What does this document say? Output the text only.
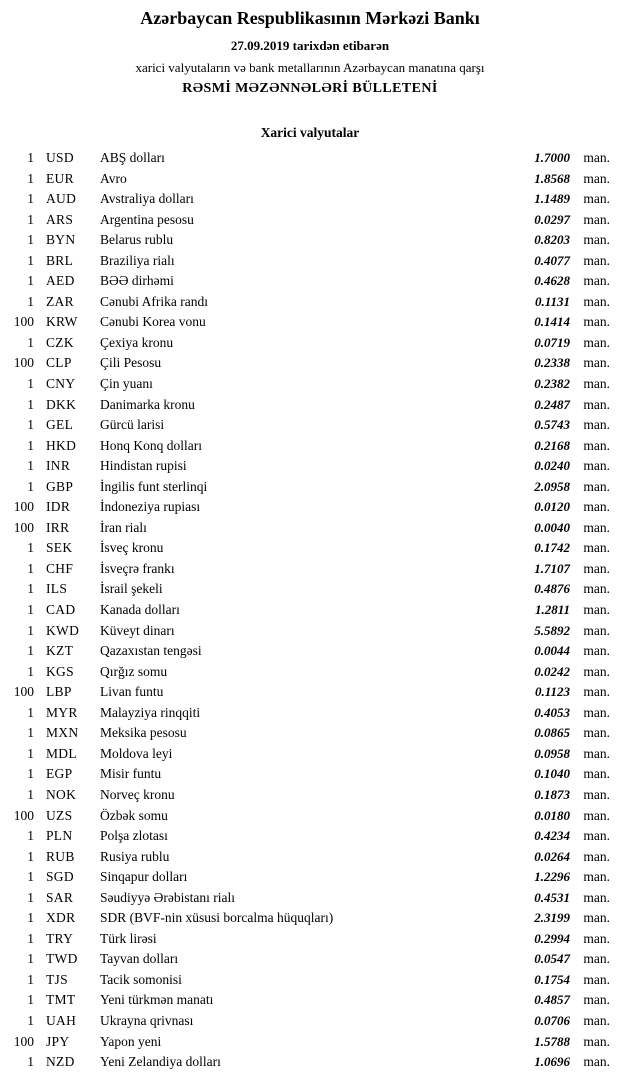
Azərbaycan Respublikasının Mərkəzi Bankı
27.09.2019 tarixdən etibarən
xarici valyutaların və bank metallarının Azərbaycan manatına qarşı
RƏSMİ MƏZƏNNƏLƏRİ BÜLLETENİ
Xarici valyutalar
1 USD	ABŞ dolları	1.7000 man.
1 EUR	Avro	1.8568 man.
1 AUD	Avstraliya dolları	1.1489 man.
1 ARS	Argentina pesosu	0.0297 man.
1 BYN	Belarus rublu	0.8203 man.
1 BRL	Braziliya rialı	0.4077 man.
1 AED	BƏƏ dirhəmi	0.4628 man.
1 ZAR	Cənubi Afrika randı	0.1131 man.
100 KRW	Cənubi Korea vonu	0.1414 man.
1 CZK	Çexiya kronu	0.0719 man.
100 CLP	Çili Pesosu	0.2338 man.
1 CNY	Çin yuanı	0.2382 man.
1 DKK	Danimarka kronu	0.2487 man.
1 GEL	Gürcü larisi	0.5743 man.
1 HKD	Honq Konq dolları	0.2168 man.
1 INR	Hindistan rupisi	0.0240 man.
1 GBP	İngilis funt sterlinqi	2.0958 man.
100 IDR	İndoneziya rupiası	0.0120 man.
100 IRR	İran rialı	0.0040 man.
1 SEK	İsveç kronu	0.1742 man.
1 CHF	İsveçrə frankı	1.7107 man.
1 ILS	İsrail şekeli	0.4876 man.
1 CAD	Kanada dolları	1.2811 man.
1 KWD	Küveyt dinarı	5.5892 man.
1 KZT	Qazaxıstan tengəsi	0.0044 man.
1 KGS	Qırğız somu	0.0242 man.
100 LBP	Livan funtu	0.1123 man.
1 MYR	Malayziya rinqqiti	0.4053 man.
1 MXN	Meksika pesosu	0.0865 man.
1 MDL	Moldova leyi	0.0958 man.
1 EGP	Misir funtu	0.1040 man.
1 NOK	Norveç kronu	0.1873 man.
100 UZS	Özbək somu	0.0180 man.
1 PLN	Polşa zlotası	0.4234 man.
1 RUB	Rusiya rublu	0.0264 man.
1 SGD	Sinqapur dolları	1.2296 man.
1 SAR	Səudiyyə Ərəbistanı rialı	0.4531 man.
1 XDR	SDR (BVF-nin xüsusi borcalma hüquqları)	2.3199 man.
1 TRY	Türk lirəsi	0.2994 man.
1 TWD	Tayvan dolları	0.0547 man.
1 TJS	Tacik somonisi	0.1754 man.
1 TMT	Yeni türkmən manatı	0.4857 man.
1 UAH	Ukrayna qrivnası	0.0706 man.
100 JPY	Yapon yeni	1.5788 man.
1 NZD	Yeni Zelandiya dolları	1.0696 man.
